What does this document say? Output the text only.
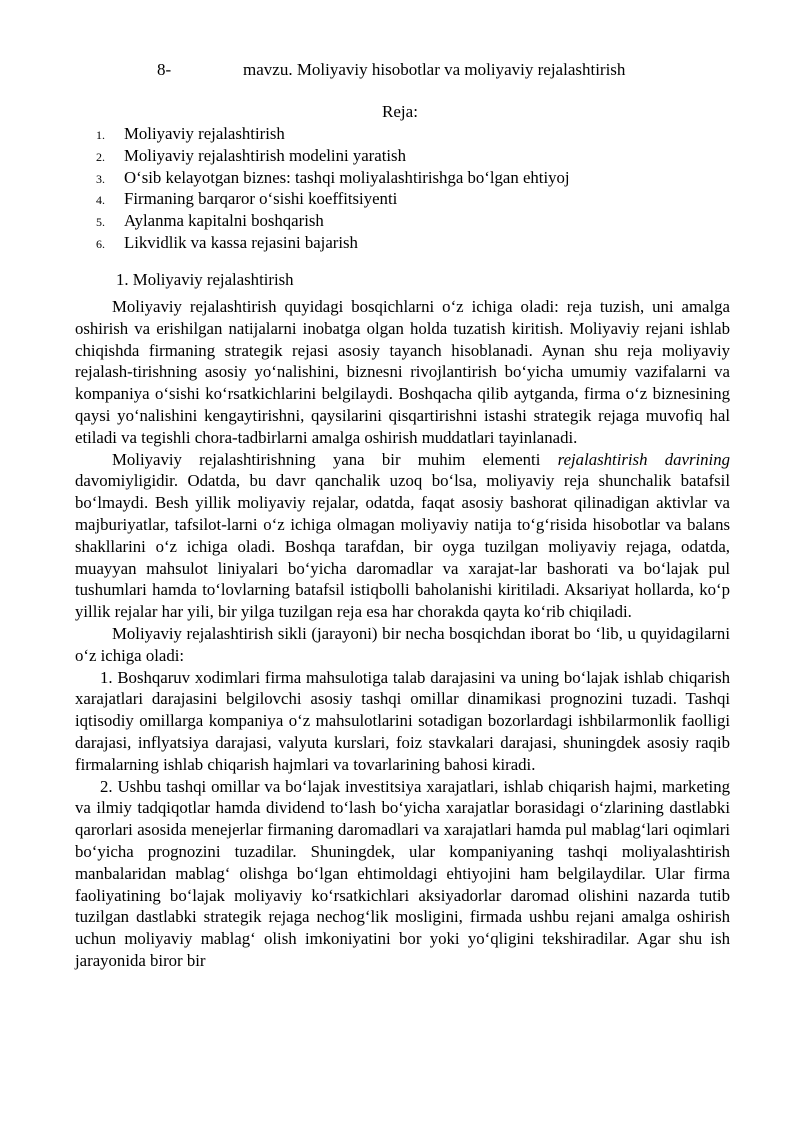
8-	mavzu. Moliyaviy hisobotlar va moliyaviy rejalashtirish
Reja:
1. Moliyaviy rejalashtirish
2. Moliyaviy rejalashtirish modelini yaratish
3. O‘sib kelayotgan biznes: tashqi moliyalashtirishga bo‘lgan ehtiyoj
4. Firmaning barqaror o‘sishi koeffitsiyenti
5. Aylanma kapitalni boshqarish
6. Likvidlik va kassa rejasini bajarish
1. Moliyaviy rejalashtirish

Moliyaviy rejalashtirish quyidagi bosqichlarni o‘z ichiga oladi: reja tuzish, uni amalga oshirish va erishilgan natijalarni inobatga olgan holda tuzatish kiritish. Moliyaviy rejani ishlab chiqishda firmaning strategik rejasi asosiy tayanch hisoblanadi. Aynan shu reja moliyaviy rejalash-tirishning asosiy yo‘nalishini, biznesni rivojlantirish bo‘yicha umumiy vazifalarni va kompaniya o‘sishi ko‘rsatkichlarini belgilaydi. Boshqacha qilib aytganda, firma o‘z biznesining qaysi yo‘nalishini kengaytirishni, qaysilarini qisqartirishni istashi strategik rejaga muvofiq hal etiladi va tegishli chora-tadbirlarni amalga oshirish muddatlari tayinlanadi.

Moliyaviy rejalashtirishning yana bir muhim elementi rejalashtirish davrining davomiyligidir. Odatda, bu davr qanchalik uzoq bo‘lsa, moliyaviy reja shunchalik batafsil bo‘lmaydi. Besh yillik moliyaviy rejalar, odatda, faqat asosiy bashorat qilinadigan aktivlar va majburiyatlar, tafsilot-larni o‘z ichiga olmagan moliyaviy natija to‘g‘risida hisobotlar va balans shakllarini o‘z ichiga oladi. Boshqa tarafdan, bir oyga tuzilgan moliyaviy rejaga, odatda, muayyan mahsulot liniyalari bo‘yicha daromadlar va xarajat-lar bashorati va bo‘lajak pul tushumlari hamda to‘lovlarning batafsil istiqbolli baholanishi kiritiladi. Aksariyat hollarda, ko‘p yillik rejalar har yili, bir yilga tuzilgan reja esa har chorakda qayta ko‘rib chiqiladi.

Moliyaviy rejalashtirish sikli (jarayoni) bir necha bosqichdan iborat bo ‘lib, u quyidagilarni o‘z ichiga oladi:

1. Boshqaruv xodimlari firma mahsulotiga talab darajasini va uning bo‘lajak ishlab chiqarish xarajatlari darajasini belgilovchi asosiy tashqi omillar dinamikasi prognozini tuzadi. Tashqi iqtisodiy omillarga kompaniya o‘z mahsulotlarini sotadigan bozorlardagi ishbilarmonlik faolligi darajasi, inflyatsiya darajasi, valyuta kurslari, foiz stavkalari darajasi, shuningdek asosiy raqib firmalarning ishlab chiqarish hajmlari va tovarlarining bahosi kiradi.

2. Ushbu tashqi omillar va bo‘lajak investitsiya xarajatlari, ishlab chiqarish hajmi, marketing va ilmiy tadqiqotlar hamda dividend to‘lash bo‘yicha xarajatlar borasidagi o‘zlarining dastlabki qarorlari asosida menejerlar firmaning daromadlari va xarajatlari hamda pul mablag‘lari oqimlari bo‘yicha prognozini tuzadilar. Shuningdek, ular kompaniyaning tashqi moliyalashtirish manbalaridan mablag‘ olishga bo‘lgan ehtimoldagi ehtiyojini ham belgilaydilar. Ular firma faoliyatining bo‘lajak moliyaviy ko‘rsatkichlari aksiyadorlar daromad olishini nazarda tutib tuzilgan dastlabki strategik rejaga nechog‘lik mosligini, firmada ushbu rejani amalga oshirish uchun moliyaviy mablag‘ olish imkoniyatini bor yoki yo‘qligini tekshiradilar. Agar shu ish jarayonida biror bir
